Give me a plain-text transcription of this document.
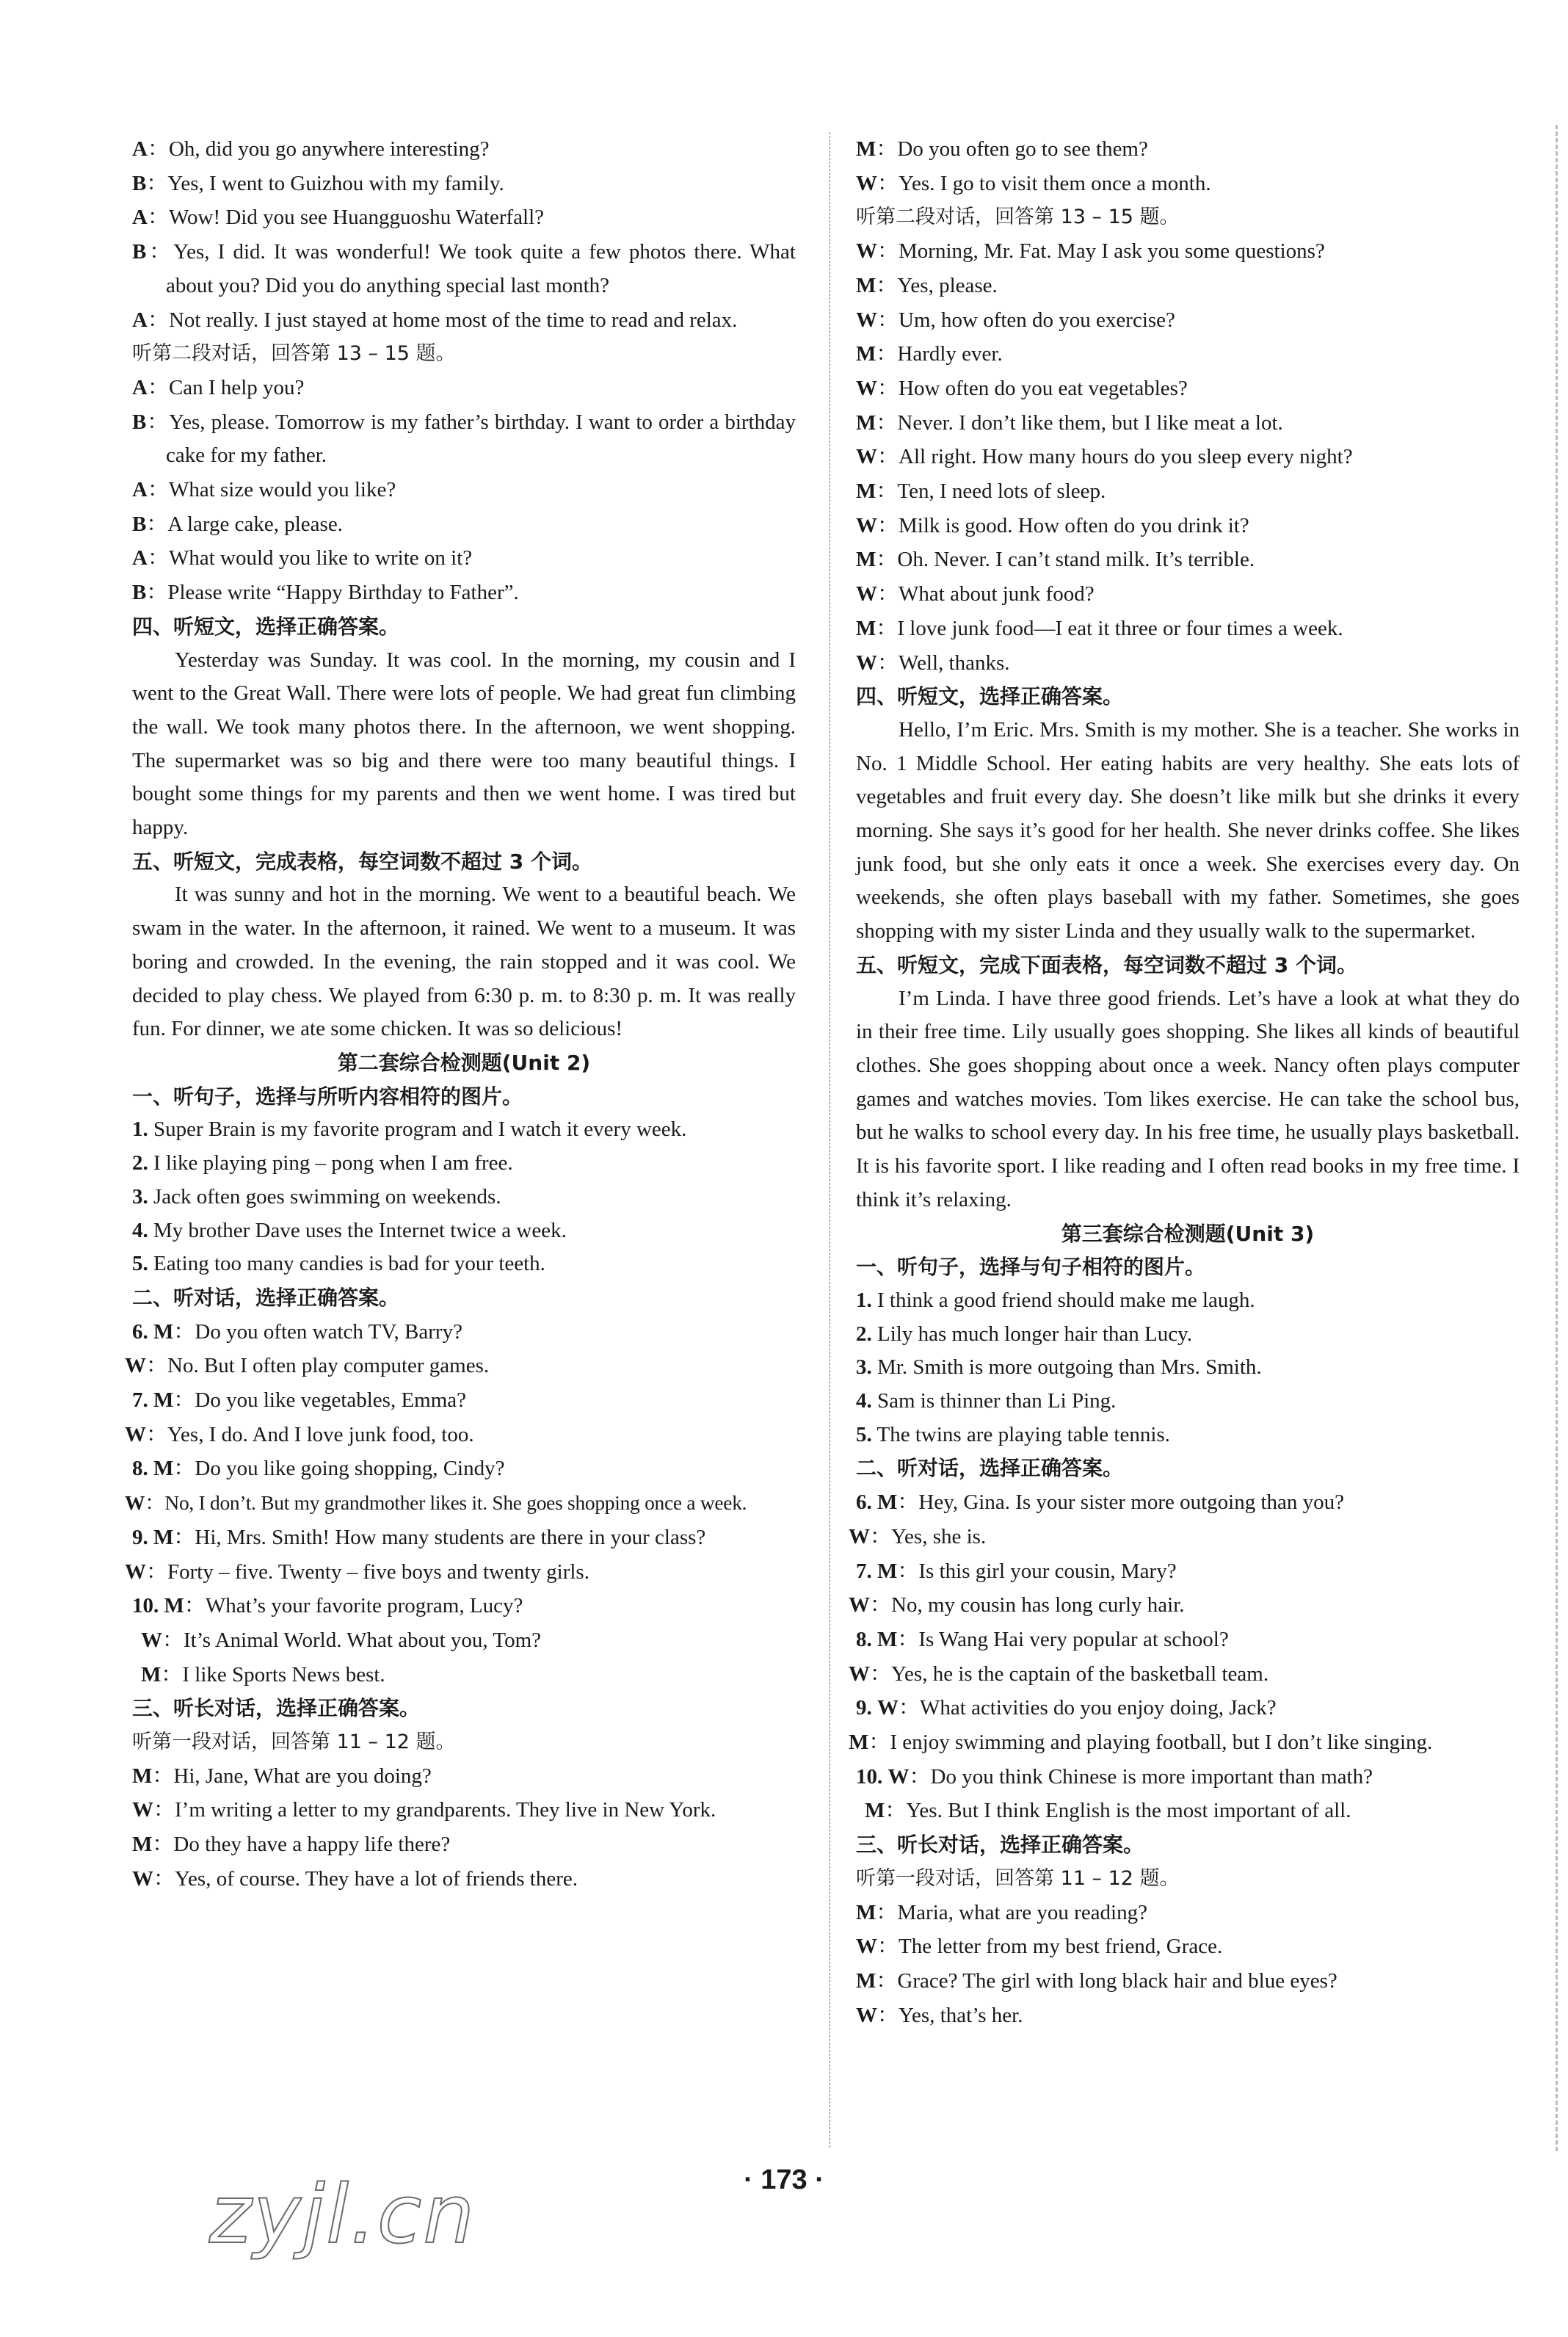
A：Oh, did you go anywhere interesting?
B：Yes, I went to Guizhou with my family.
A：Wow! Did you see Huangguoshu Waterfall?
B：Yes, I did. It was wonderful! We took quite a few photos there. What about you? Did you do anything special last month?
A：Not really. I just stayed at home most of the time to read and relax.
听第二段对话，回答第 13 – 15 题。
A：Can I help you?
B：Yes, please. Tomorrow is my father’s birthday. I want to order a birthday cake for my father.
A：What size would you like?
B：A large cake, please.
A：What would you like to write on it?
B：Please write “Happy Birthday to Father”.
四、听短文，选择正确答案。
Yesterday was Sunday. It was cool. In the morning, my cousin and I went to the Great Wall. There were lots of people. We had great fun climbing the wall. We took many photos there. In the afternoon, we went shopping. The supermarket was so big and there were too many beautiful things. I bought some things for my parents and then we went home. I was tired but happy.
五、听短文，完成表格，每空词数不超过 3 个词。
It was sunny and hot in the morning. We went to a beautiful beach. We swam in the water. In the afternoon, it rained. We went to a museum. It was boring and crowded. In the evening, the rain stopped and it was cool. We decided to play chess. We played from 6:30 p. m. to 8:30 p. m. It was really fun. For dinner, we ate some chicken. It was so delicious!
第二套综合检测题(Unit 2)
一、听句子，选择与所听内容相符的图片。
1. Super Brain is my favorite program and I watch it every week.
2. I like playing ping – pong when I am free.
3. Jack often goes swimming on weekends.
4. My brother Dave uses the Internet twice a week.
5. Eating too many candies is bad for your teeth.
二、听对话，选择正确答案。
6. M：Do you often watch TV, Barry?
W：No. But I often play computer games.
7. M：Do you like vegetables, Emma?
W：Yes, I do. And I love junk food, too.
8. M：Do you like going shopping, Cindy?
W：No, I don’t. But my grandmother likes it. She goes shopping once a week.
9. M：Hi, Mrs. Smith! How many students are there in your class?
W：Forty – five. Twenty – five boys and twenty girls.
10. M：What’s your favorite program, Lucy?
W：It’s Animal World. What about you, Tom?
M：I like Sports News best.
三、听长对话，选择正确答案。
听第一段对话，回答第 11 – 12 题。
M：Hi, Jane, What are you doing?
W：I’m writing a letter to my grandparents. They live in New York.
M：Do they have a happy life there?
W：Yes, of course. They have a lot of friends there.
M：Do you often go to see them?
W：Yes. I go to visit them once a month.
听第二段对话，回答第 13 – 15 题。
W：Morning, Mr. Fat. May I ask you some questions?
M：Yes, please.
W：Um, how often do you exercise?
M：Hardly ever.
W：How often do you eat vegetables?
M：Never. I don’t like them, but I like meat a lot.
W：All right. How many hours do you sleep every night?
M：Ten, I need lots of sleep.
W：Milk is good. How often do you drink it?
M：Oh. Never. I can’t stand milk. It’s terrible.
W：What about junk food?
M：I love junk food—I eat it three or four times a week.
W：Well, thanks.
四、听短文，选择正确答案。
Hello, I’m Eric. Mrs. Smith is my mother. She is a teacher. She works in No. 1 Middle School. Her eating habits are very healthy. She eats lots of vegetables and fruit every day. She doesn’t like milk but she drinks it every morning. She says it’s good for her health. She never drinks coffee. She likes junk food, but she only eats it once a week. She exercises every day. On weekends, she often plays baseball with my father. Sometimes, she goes shopping with my sister Linda and they usually walk to the supermarket.
五、听短文，完成下面表格，每空词数不超过 3 个词。
I’m Linda. I have three good friends. Let’s have a look at what they do in their free time. Lily usually goes shopping. She likes all kinds of beautiful clothes. She goes shopping about once a week. Nancy often plays computer games and watches movies. Tom likes exercise. He can take the school bus, but he walks to school every day. In his free time, he usually plays basketball. It is his favorite sport. I like reading and I often read books in my free time. I think it’s relaxing.
第三套综合检测题(Unit 3)
一、听句子，选择与句子相符的图片。
1. I think a good friend should make me laugh.
2. Lily has much longer hair than Lucy.
3. Mr. Smith is more outgoing than Mrs. Smith.
4. Sam is thinner than Li Ping.
5. The twins are playing table tennis.
二、听对话，选择正确答案。
6. M：Hey, Gina. Is your sister more outgoing than you?
W：Yes, she is.
7. M：Is this girl your cousin, Mary?
W：No, my cousin has long curly hair.
8. M：Is Wang Hai very popular at school?
W：Yes, he is the captain of the basketball team.
9. W：What activities do you enjoy doing, Jack?
M：I enjoy swimming and playing football, but I don’t like singing.
10. W：Do you think Chinese is more important than math?
M：Yes. But I think English is the most important of all.
三、听长对话，选择正确答案。
听第一段对话，回答第 11 – 12 题。
M：Maria, what are you reading?
W：The letter from my best friend, Grace.
M：Grace? The girl with long black hair and blue eyes?
W：Yes, that’s her.
zyjl.cn	· 173 ·
